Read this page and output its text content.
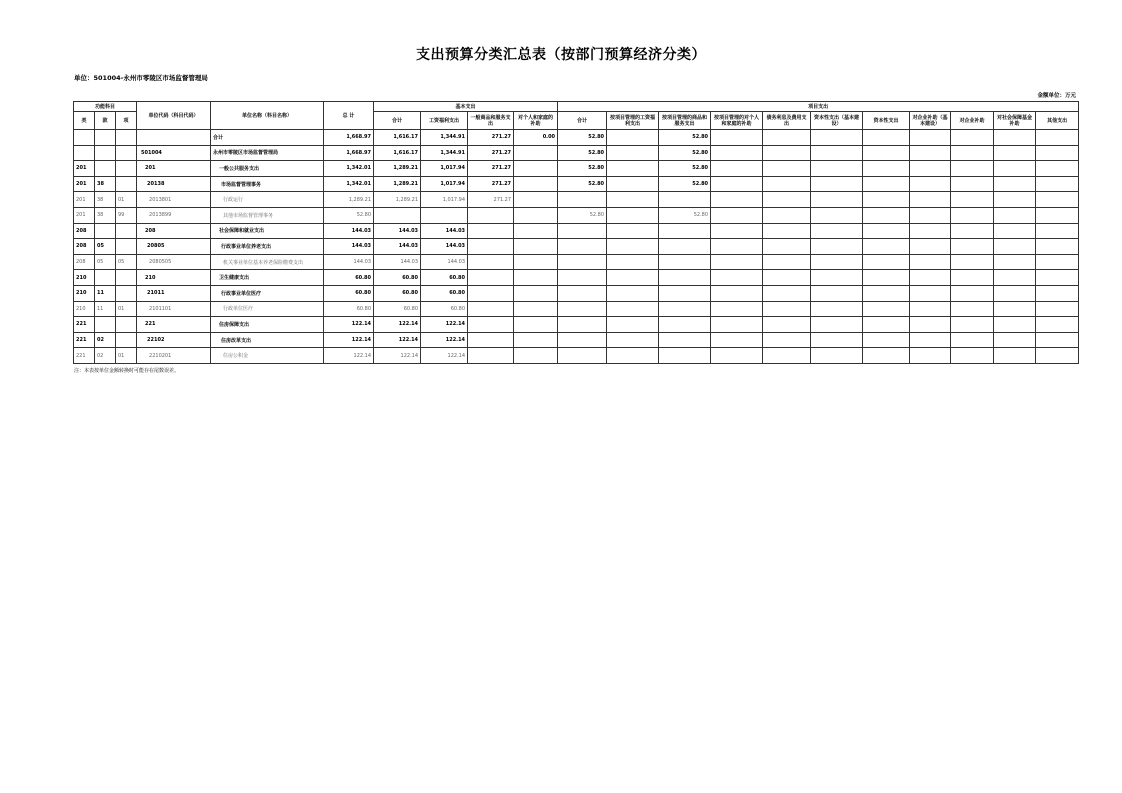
支出预算分类汇总表（按部门预算经济分类）
单位：501004-永州市零陵区市场监督管理局
金额单位：万元
功能科目			单位代码（科目代码）	单位名称（科目名称）	总 计	基本支出				项目支出										
类	款	项				合计	工资福利支出	一般商品和服务支出	对个人和家庭的补助	合计	按项目管理的工资福利支出	按项目管理的商品和服务支出	按项目管理的对个人和家庭的补助	债务利息及费用支出	资本性支出（基本建设）	资本性支出	对企业补助（基本建设）	对企业补助	对社会保障基金补助	其他支出
				合计	1,668.97	1,616.17	1,344.91	271.27	0.00	52.80		52.80								
			501004	永州市零陵区市场监督管理局	1,668.97	1,616.17	1,344.91	271.27		52.80		52.80								
201			201	一般公共服务支出	1,342.01	1,289.21	1,017.94	271.27		52.80		52.80								
201	38		20138	市场监督管理事务	1,342.01	1,289.21	1,017.94	271.27		52.80		52.80								
201	38	01	2013801	行政运行	1,289.21	1,289.21	1,017.94	271.27												
201	38	99	2013899	其他市场监督管理事务	52.80					52.80		52.80								
208			208	社会保障和就业支出	144.03	144.03	144.03													
208	05		20805	行政事业单位养老支出	144.03	144.03	144.03													
208	05	05	2080505	机关事业单位基本养老保险缴费支出	144.03	144.03	144.03													
210			210	卫生健康支出	60.80	60.80	60.80													
210	11		21011	行政事业单位医疗	60.80	60.80	60.80													
210	11	01	2101101	行政单位医疗	60.80	60.80	60.80													
221			221	住房保障支出	122.14	122.14	122.14													
221	02		22102	住房改革支出	122.14	122.14	122.14													
221	02	01	2210201	住房公积金	122.14	122.14	122.14													
注：本表按单位金额转换时可能存在尾数误差。
